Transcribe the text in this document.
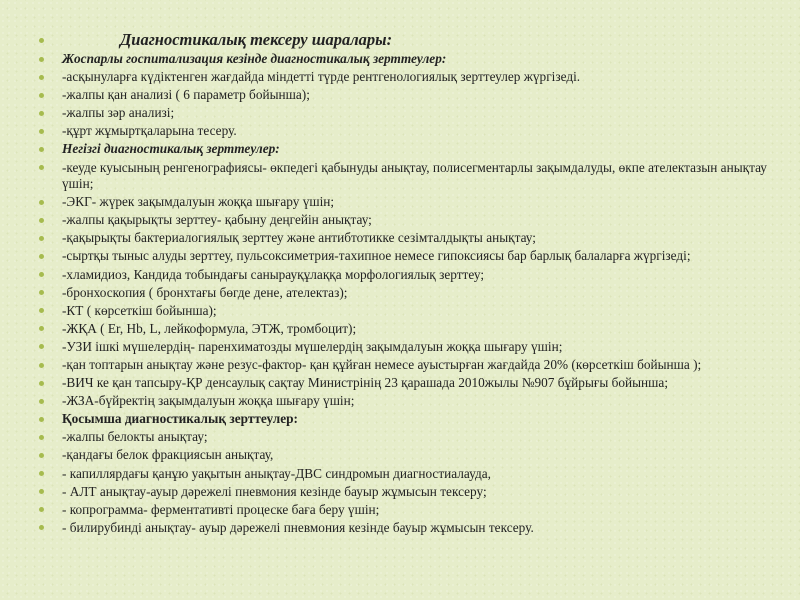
Диагностикалық тексеру шаралары:
Жоспарлы госпитализация кезінде диагностикалық зерттеулер:
-асқынуларға күдіктенген жағдайда міндетті түрде рентгенологиялық зерттеулер жүргізеді.
-жалпы қан анализі ( 6 параметр бойынша);
-жалпы зәр анализі;
-құрт жұмыртқаларына тесеру.
Негізгі диагностикалық зерттеулер:
-кеуде куысының ренгенографиясы- өкпедегі қабынуды анықтау, полисегментарлы зақымдалуды, өкпе ателектазын анықтау үшін;
-ЭКГ- жүрек зақымдалуын жоққа шығару үшін;
-жалпы қақырықты зерттеу- қабыну деңгейін анықтау;
-қақырықты бактериалогиялық зерттеу және антибтотикке сезімталдықты анықтау;
-сыртқы тыныс алуды зерттеу, пульсоксиметрия-тахипное немесе гипоксиясы бар барлық балаларға жүргізеді;
-хламидиоз, Кандида тобындағы санырауқұлаққа морфологиялық зерттеу;
-бронхоскопия ( бронхтағы бөгде дене, ателектаз);
-КТ ( көрсеткіш бойынша);
-ЖҚА ( Er, Hb, L, лейкоформула, ЭТЖ, тромбоцит);
-УЗИ ішкі мүшелердің- паренхиматозды мүшелердің зақымдалуын жоққа шығару үшін;
-қан топтарын анықтау және резус-фактор- қан құйған немесе ауыстырған жағдайда 20% (көрсеткіш бойынша );
-ВИЧ ке қан тапсыру-ҚР денсаулық сақтау Министрінің 23 қарашада 2010жылы №907 бұйрығы бойынша;
-ЖЗА-бүйректің зақымдалуын жоққа шығару үшін;
Қосымша диагностикалық зерттеулер:
-жалпы белокты анықтау;
-қандағы белок фракциясын анықтау,
- капиллярдағы қанұю уақытын анықтау-ДВС синдромын диагностиалауда,
- АЛТ анықтау-ауыр дәрежелі пневмония кезінде бауыр жұмысын тексеру;
- копрограмма- ферментативті процеске баға беру үшін;
- билирубинді анықтау- ауыр дәрежелі пневмония кезінде бауыр жұмысын тексеру.
